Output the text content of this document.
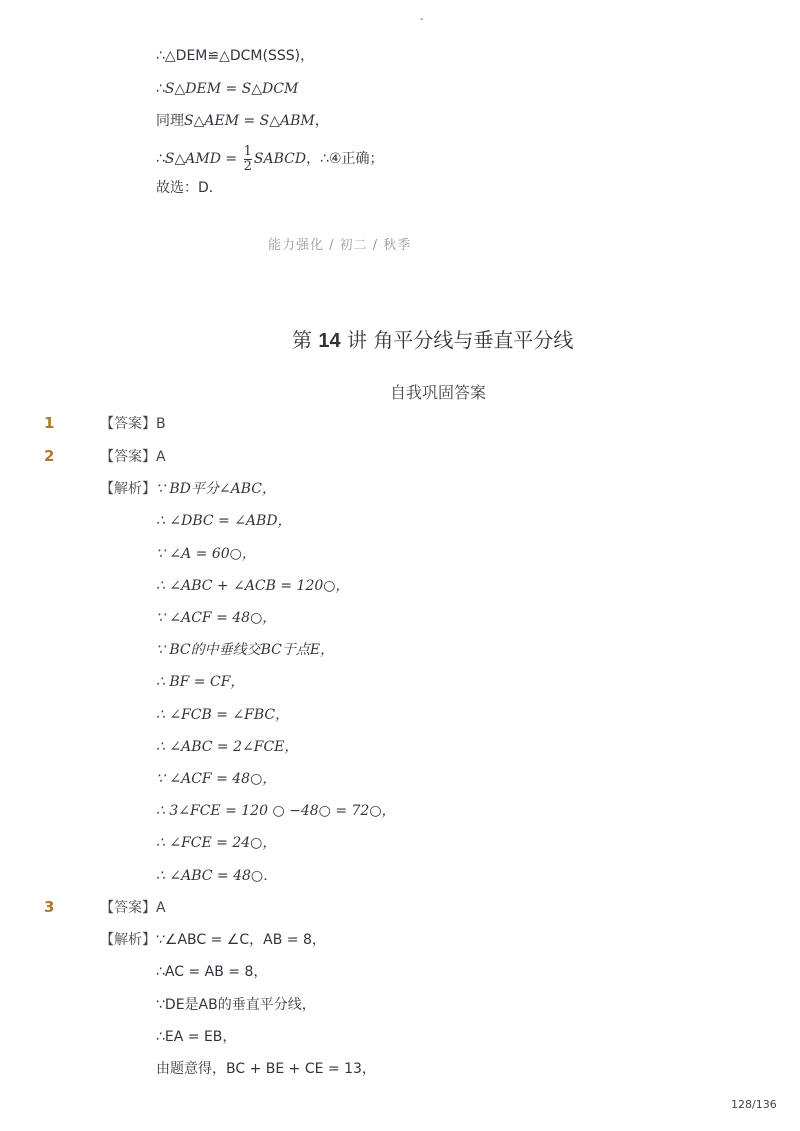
-
∴△DEM≌△DCM(SSS)，
∴S△DEM = S△DCM
同理S△AEM = S△ABM，
∴S△AMD = $\frac{1}{2}$ SABCD，∴④正确；
故选：D．
能力强化 / 初二 / 秋季
第 14 讲 角平分线与垂直平分线
自我巩固答案
1	【答案】B
2	【答案】A
【解析】 ∵ BD平分∠ABC，
∴ ∠DBC = ∠ABD，
∵ ∠A = 60○，
∴ ∠ABC + ∠ACB = 120○，
∵ ∠ACF = 48○，
∵ BC的中垂线交BC于点E，
∴ BF = CF，
∴ ∠FCB = ∠FBC，
∴ ∠ABC = 2∠FCE，
∵ ∠ACF = 48○，
∴ 3∠FCE = 120 ○ −48○ = 72○，
∴ ∠FCE = 24○，
∴ ∠ABC = 48○．
3	【答案】A
【解析】 ∵∠ABC = ∠C，AB = 8，
∴AC = AB = 8，
∵DE是AB的垂直平分线，
∴EA = EB，
由题意得，BC + BE + CE = 13，
128/136
